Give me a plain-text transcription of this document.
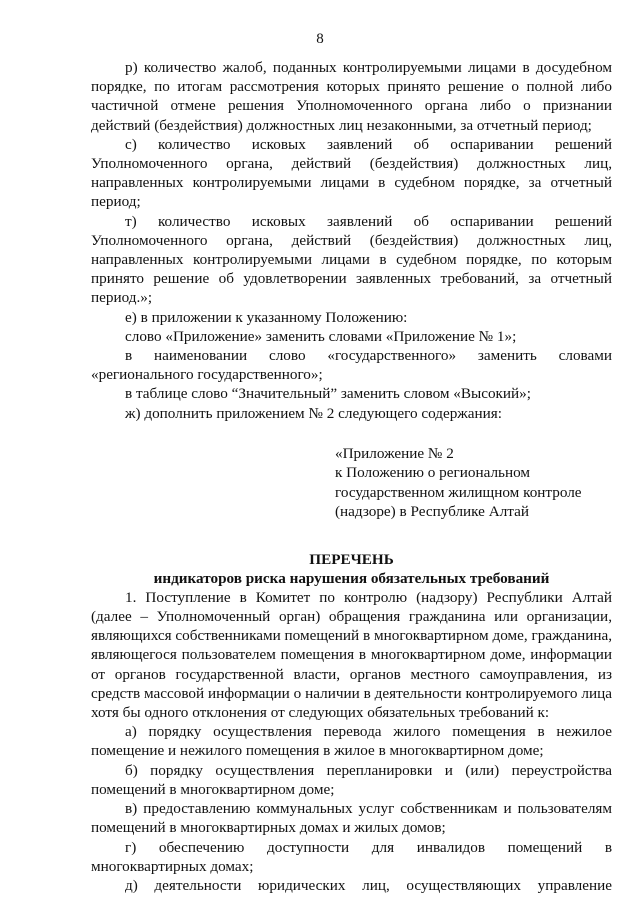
8

р) количество жалоб, поданных контролируемыми лицами в досудебном порядке, по итогам рассмотрения которых принято решение о полной либо частичной отмене решения Уполномоченного органа либо о признании действий (бездействия) должностных лиц незаконными, за отчетный период;

с) количество исковых заявлений об оспаривании решений Уполномоченного органа, действий (бездействия) должностных лиц, направленных контролируемыми лицами в судебном порядке, за отчетный период;

т) количество исковых заявлений об оспаривании решений Уполномоченного органа, действий (бездействия) должностных лиц, направленных контролируемыми лицами в судебном порядке, по которым принято решение об удовлетворении заявленных требований, за отчетный период.»;

е) в приложении к указанному Положению:

слово «Приложение» заменить словами «Приложение № 1»;

в наименовании слово «государственного» заменить словами «регионального государственного»;

в таблице слово “Значительный” заменить словом «Высокий»;

ж) дополнить приложением № 2 следующего содержания:

«Приложение № 2
к Положению о региональном
государственном жилищном контроле
(надзоре) в Республике Алтай
ПЕРЕЧЕНЬ
индикаторов риска нарушения обязательных требований

1. Поступление в Комитет по контролю (надзору) Республики Алтай (далее – Уполномоченный орган) обращения гражданина или организации, являющихся собственниками помещений в многоквартирном доме, гражданина, являющегося пользователем помещения в многоквартирном доме, информации от органов государственной власти, органов местного самоуправления, из средств массовой информации о наличии в деятельности контролируемого лица хотя бы одного отклонения от следующих обязательных требований к:

а) порядку осуществления перевода жилого помещения в нежилое помещение и нежилого помещения в жилое в многоквартирном доме;

б) порядку осуществления перепланировки и (или) переустройства помещений в многоквартирном доме;

в) предоставлению коммунальных услуг собственникам и пользователям помещений в многоквартирных домах и жилых домов;

г) обеспечению доступности для инвалидов помещений в многоквартирных домах;

д) деятельности юридических лиц, осуществляющих управление
